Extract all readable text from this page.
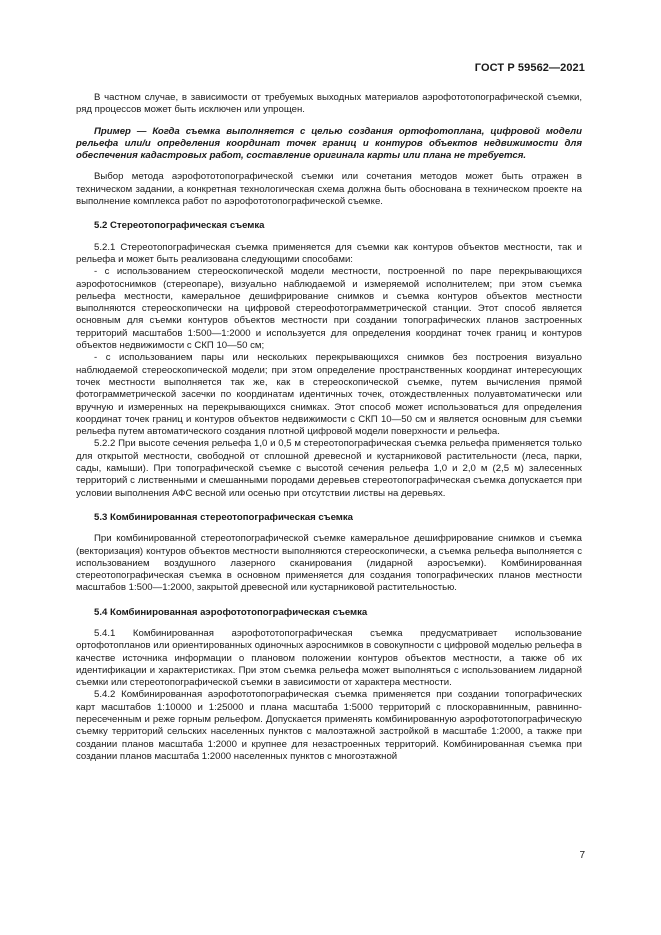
ГОСТ Р 59562—2021

В частном случае, в зависимости от требуемых выходных материалов аэрофототопографической съемки, ряд процессов может быть исключен или упрощен.

Пример — Когда съемка выполняется с целью создания ортофотоплана, цифровой модели рельефа или/и определения координат точек границ и контуров объектов недвижимости для обеспечения кадастровых работ, составление оригинала карты или плана не требуется.

Выбор метода аэрофототопографической съемки или сочетания методов может быть отражен в техническом задании, а конкретная технологическая схема должна быть обоснована в техническом проекте на выполнение комплекса работ по аэрофототопографической съемке.

5.2 Стереотопографическая съемка

5.2.1 Стереотопографическая съемка применяется для съемки как контуров объектов местности, так и рельефа и может быть реализована следующими способами:

- с использованием стереоскопической модели местности, построенной по паре перекрывающихся аэрофотоснимков (стереопаре), визуально наблюдаемой и измеряемой исполнителем; при этом съемка рельефа местности, камеральное дешифрирование снимков и съемка контуров объектов местности выполняются стереоскопически на цифровой стереофотограмметрической станции. Этот способ является основным для съемки контуров объектов местности при создании топографических планов застроенных территорий масштабов 1:500—1:2000 и используется для определения координат точек границ и контуров объектов недвижимости с СКП 10—50 см;

- с использованием пары или нескольких перекрывающихся снимков без построения визуально наблюдаемой стереоскопической модели; при этом определение пространственных координат интересующих точек местности выполняется так же, как в стереоскопической съемке, путем вычисления прямой фотограмметрической засечки по координатам идентичных точек, отождествленных полуавтоматически или вручную и измеренных на перекрывающихся снимках. Этот способ может использоваться для определения координат точек границ и контуров объектов недвижимости с СКП 10—50 см и является основным для съемки рельефа путем автоматического создания плотной цифровой модели поверхности и рельефа.

5.2.2 При высоте сечения рельефа 1,0 и 0,5 м стереотопографическая съемка рельефа применяется только для открытой местности, свободной от сплошной древесной и кустарниковой растительности (леса, парки, сады, камыши). При топографической съемке с высотой сечения рельефа 1,0 и 2,0 м (2,5 м) залесенных территорий с лиственными и смешанными породами деревьев стереотопографическая съемка допускается при условии выполнения АФС весной или осенью при отсутствии листвы на деревьях.

5.3 Комбинированная стереотопографическая съемка

При комбинированной стереотопографической съемке камеральное дешифрирование снимков и съемка (векторизация) контуров объектов местности выполняются стереоскопически, а съемка рельефа выполняется с использованием воздушного лазерного сканирования (лидарной аэросъемки). Комбинированная стереотопографическая съемка в основном применяется для создания топографических планов местности масштабов 1:500—1:2000, закрытой древесной или кустарниковой растительностью.

5.4 Комбинированная аэрофототопографическая съемка

5.4.1 Комбинированная аэрофототопографическая съемка предусматривает использование ортофотопланов или ориентированных одиночных аэроснимков в совокупности с цифровой моделью рельефа в качестве источника информации о плановом положении контуров объектов местности, а также об их идентификации и характеристиках. При этом съемка рельефа может выполняться с использованием лидарной съемки или стереотопографической съемки в зависимости от характера местности.

5.4.2 Комбинированная аэрофототопографическая съемка применяется при создании топографических карт масштабов 1:10000 и 1:25000 и плана масштаба 1:5000 территорий с плоскоравнинным, равнинно-пересеченным и реже горным рельефом. Допускается применять комбинированную аэрофототопографическую съемку территорий сельских населенных пунктов с малоэтажной застройкой в масштабе 1:2000, а также при создании планов масштаба 1:2000 и крупнее для незастроенных территорий. Комбинированная съемка при создании планов масштаба 1:2000 населенных пунктов с многоэтажной

7
